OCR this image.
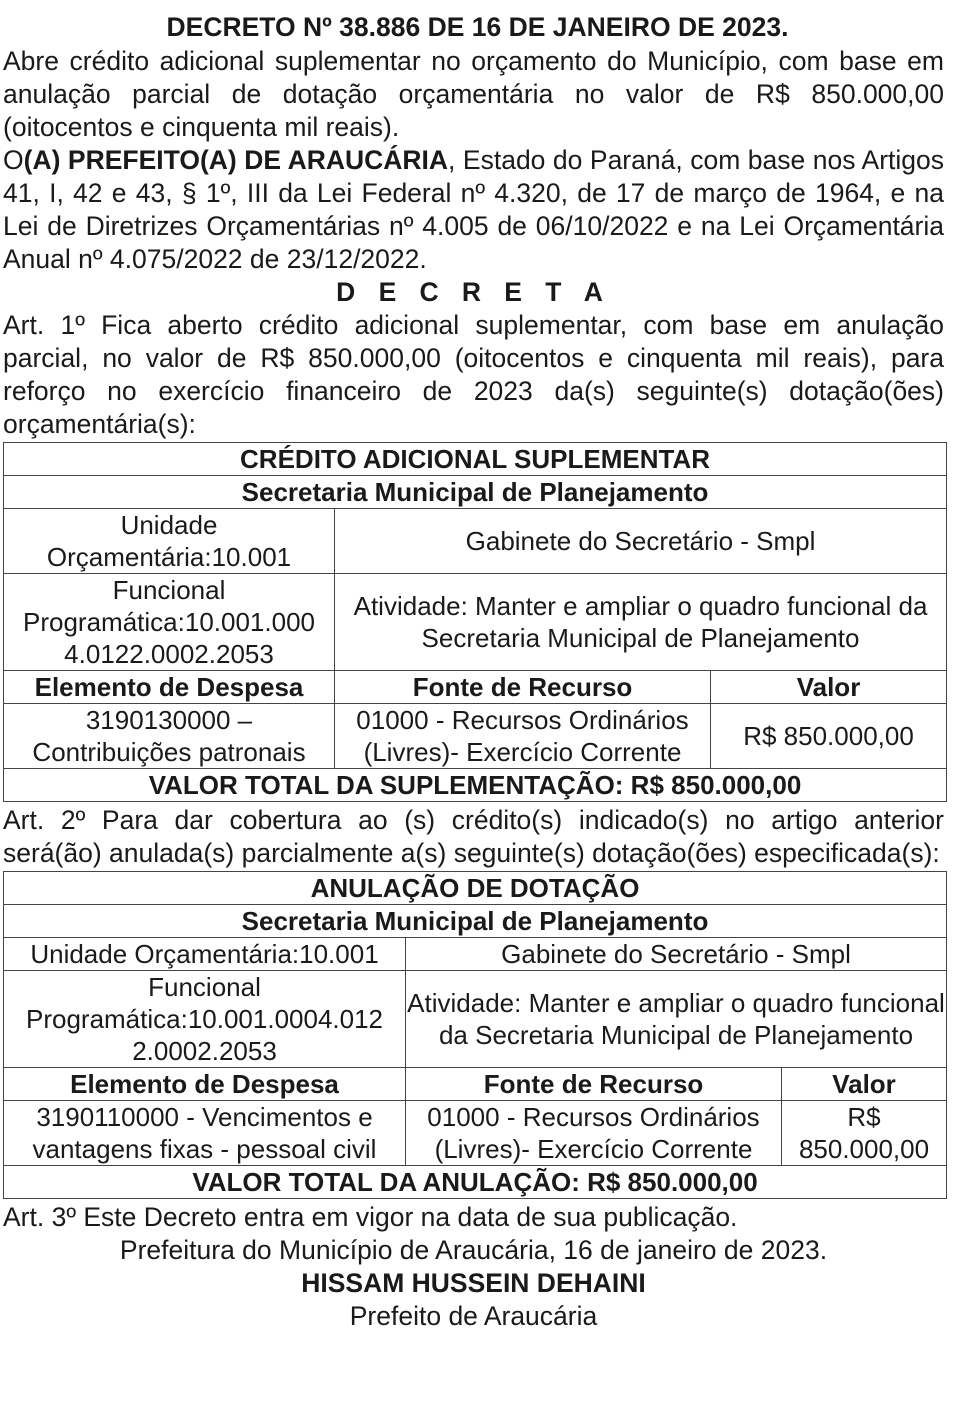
DECRETO Nº 38.886 DE 16 DE JANEIRO DE 2023.

Abre crédito adicional suplementar no orçamento do Município, com base em anulação parcial de dotação orçamentária no valor de R$ 850.000,00 (oitocentos e cinquenta mil reais).

O(A) PREFEITO(A) DE ARAUCÁRIA, Estado do Paraná, com base nos Artigos 41, I, 42 e 43, § 1º, III da Lei Federal nº 4.320, de 17 de março de 1964, e na Lei de Diretrizes Orçamentárias nº 4.005 de 06/10/2022 e na Lei Orçamentária Anual nº 4.075/2022 de 23/12/2022.

D E C R E T A

Art. 1º Fica aberto crédito adicional suplementar, com base em anulação parcial, no valor de R$ 850.000,00 (oitocentos e cinquenta mil reais), para reforço no exercício financeiro de 2023 da(s) seguinte(s) dotação(ões) orçamentária(s):

CRÉDITO ADICIONAL SUPLEMENTAR		
Secretaria Municipal de Planejamento		
Unidade Orçamentária:10.001	Gabinete do Secretário - Smpl	
Funcional Programática:10.001.000 4.0122.0002.2053	Atividade: Manter e ampliar o quadro funcional da Secretaria Municipal de Planejamento	
Elemento de Despesa	Fonte de Recurso	Valor
3190130000 – Contribuições patronais	01000 - Recursos Ordinários (Livres)- Exercício Corrente	R$ 850.000,00
VALOR TOTAL DA SUPLEMENTAÇÃO: R$ 850.000,00		

Art. 2º Para dar cobertura ao (s) crédito(s) indicado(s) no artigo anterior será(ão) anulada(s) parcialmente a(s) seguinte(s) dotação(ões) especificada(s):

ANULAÇÃO DE DOTAÇÃO		
Secretaria Municipal de Planejamento		
Unidade Orçamentária:10.001	Gabinete do Secretário - Smpl	
Funcional Programática:10.001.0004.012 2.0002.2053	Atividade: Manter e ampliar o quadro funcional da Secretaria Municipal de Planejamento	
Elemento de Despesa	Fonte de Recurso	Valor
3190110000 - Vencimentos e vantagens fixas - pessoal civil	01000 - Recursos Ordinários (Livres)- Exercício Corrente	R$ 850.000,00
VALOR TOTAL DA ANULAÇÃO: R$ 850.000,00		

Art. 3º Este Decreto entra em vigor na data de sua publicação.

Prefeitura do Município de Araucária, 16 de janeiro de 2023.
HISSAM HUSSEIN DEHAINI
Prefeito de Araucária
